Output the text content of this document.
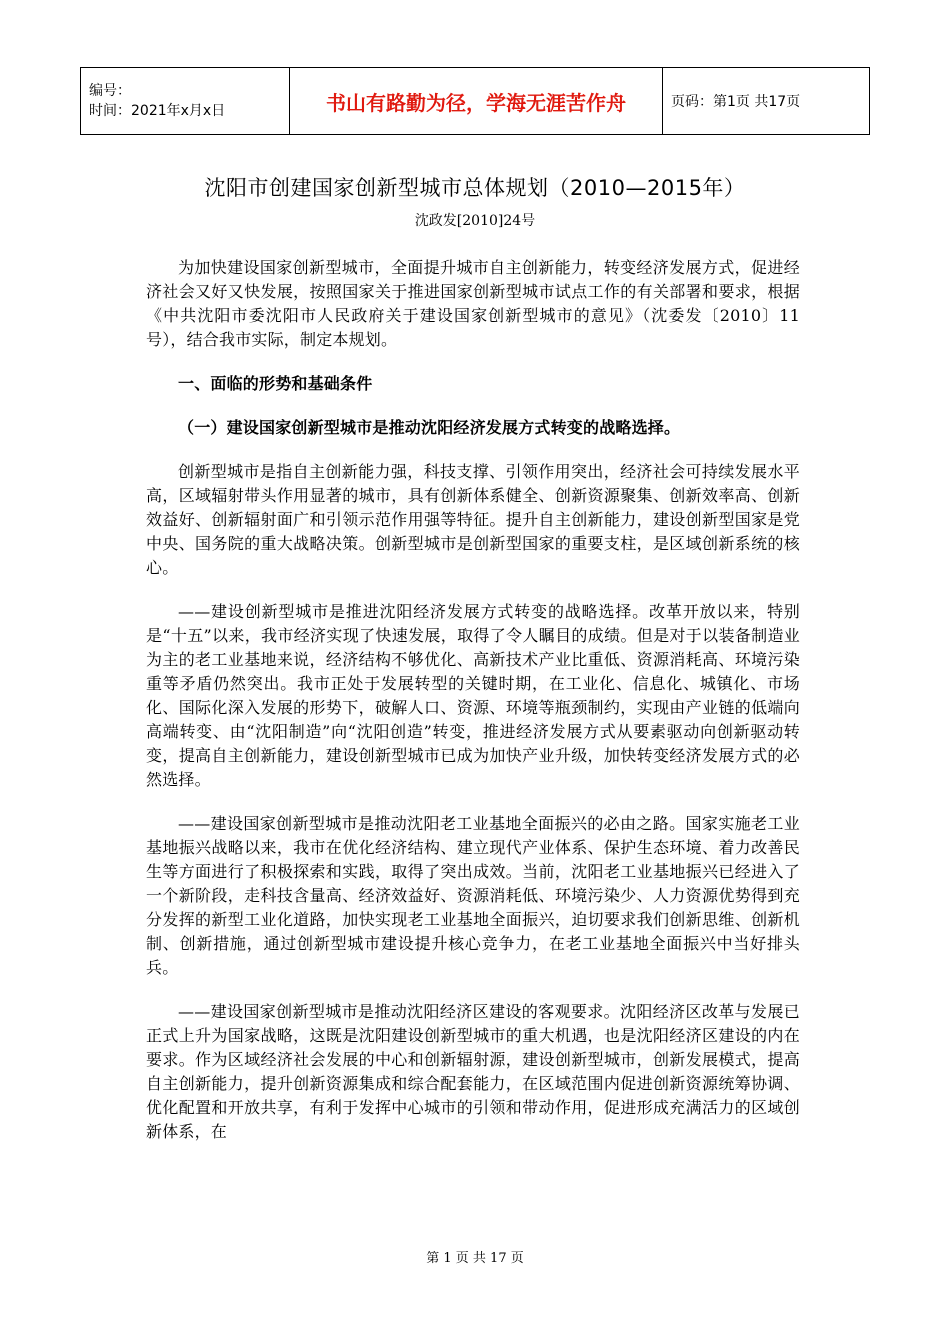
编号：
时间：2021年x月x日	书山有路勤为径，学海无涯苦作舟	页码：第1页 共17页
沈阳市创建国家创新型城市总体规划（2010—2015年）
沈政发[2010]24号

为加快建设国家创新型城市，全面提升城市自主创新能力，转变经济发展方式，促进经济社会又好又快发展，按照国家关于推进国家创新型城市试点工作的有关部署和要求，根据《中共沈阳市委沈阳市人民政府关于建设国家创新型城市的意见》（沈委发〔2010〕11号），结合我市实际，制定本规划。

一、面临的形势和基础条件
（一）建设国家创新型城市是推动沈阳经济发展方式转变的战略选择。

创新型城市是指自主创新能力强，科技支撑、引领作用突出，经济社会可持续发展水平高，区域辐射带头作用显著的城市，具有创新体系健全、创新资源聚集、创新效率高、创新效益好、创新辐射面广和引领示范作用强等特征。提升自主创新能力，建设创新型国家是党中央、国务院的重大战略决策。创新型城市是创新型国家的重要支柱，是区域创新系统的核心。

——建设创新型城市是推进沈阳经济发展方式转变的战略选择。改革开放以来，特别是“十五”以来，我市经济实现了快速发展，取得了令人瞩目的成绩。但是对于以装备制造业为主的老工业基地来说，经济结构不够优化、高新技术产业比重低、资源消耗高、环境污染重等矛盾仍然突出。我市正处于发展转型的关键时期，在工业化、信息化、城镇化、市场化、国际化深入发展的形势下，破解人口、资源、环境等瓶颈制约，实现由产业链的低端向高端转变、由“沈阳制造”向“沈阳创造”转变，推进经济发展方式从要素驱动向创新驱动转变，提高自主创新能力，建设创新型城市已成为加快产业升级，加快转变经济发展方式的必然选择。

——建设国家创新型城市是推动沈阳老工业基地全面振兴的必由之路。国家实施老工业基地振兴战略以来，我市在优化经济结构、建立现代产业体系、保护生态环境、着力改善民生等方面进行了积极探索和实践，取得了突出成效。当前，沈阳老工业基地振兴已经进入了一个新阶段，走科技含量高、经济效益好、资源消耗低、环境污染少、人力资源优势得到充分发挥的新型工业化道路，加快实现老工业基地全面振兴，迫切要求我们创新思维、创新机制、创新措施，通过创新型城市建设提升核心竞争力，在老工业基地全面振兴中当好排头兵。

——建设国家创新型城市是推动沈阳经济区建设的客观要求。沈阳经济区改革与发展已正式上升为国家战略，这既是沈阳建设创新型城市的重大机遇，也是沈阳经济区建设的内在要求。作为区域经济社会发展的中心和创新辐射源，建设创新型城市，创新发展模式，提高自主创新能力，提升创新资源集成和综合配套能力，在区域范围内促进创新资源统筹协调、优化配置和开放共享，有利于发挥中心城市的引领和带动作用，促进形成充满活力的区域创新体系，在

第 1 页 共 17 页
